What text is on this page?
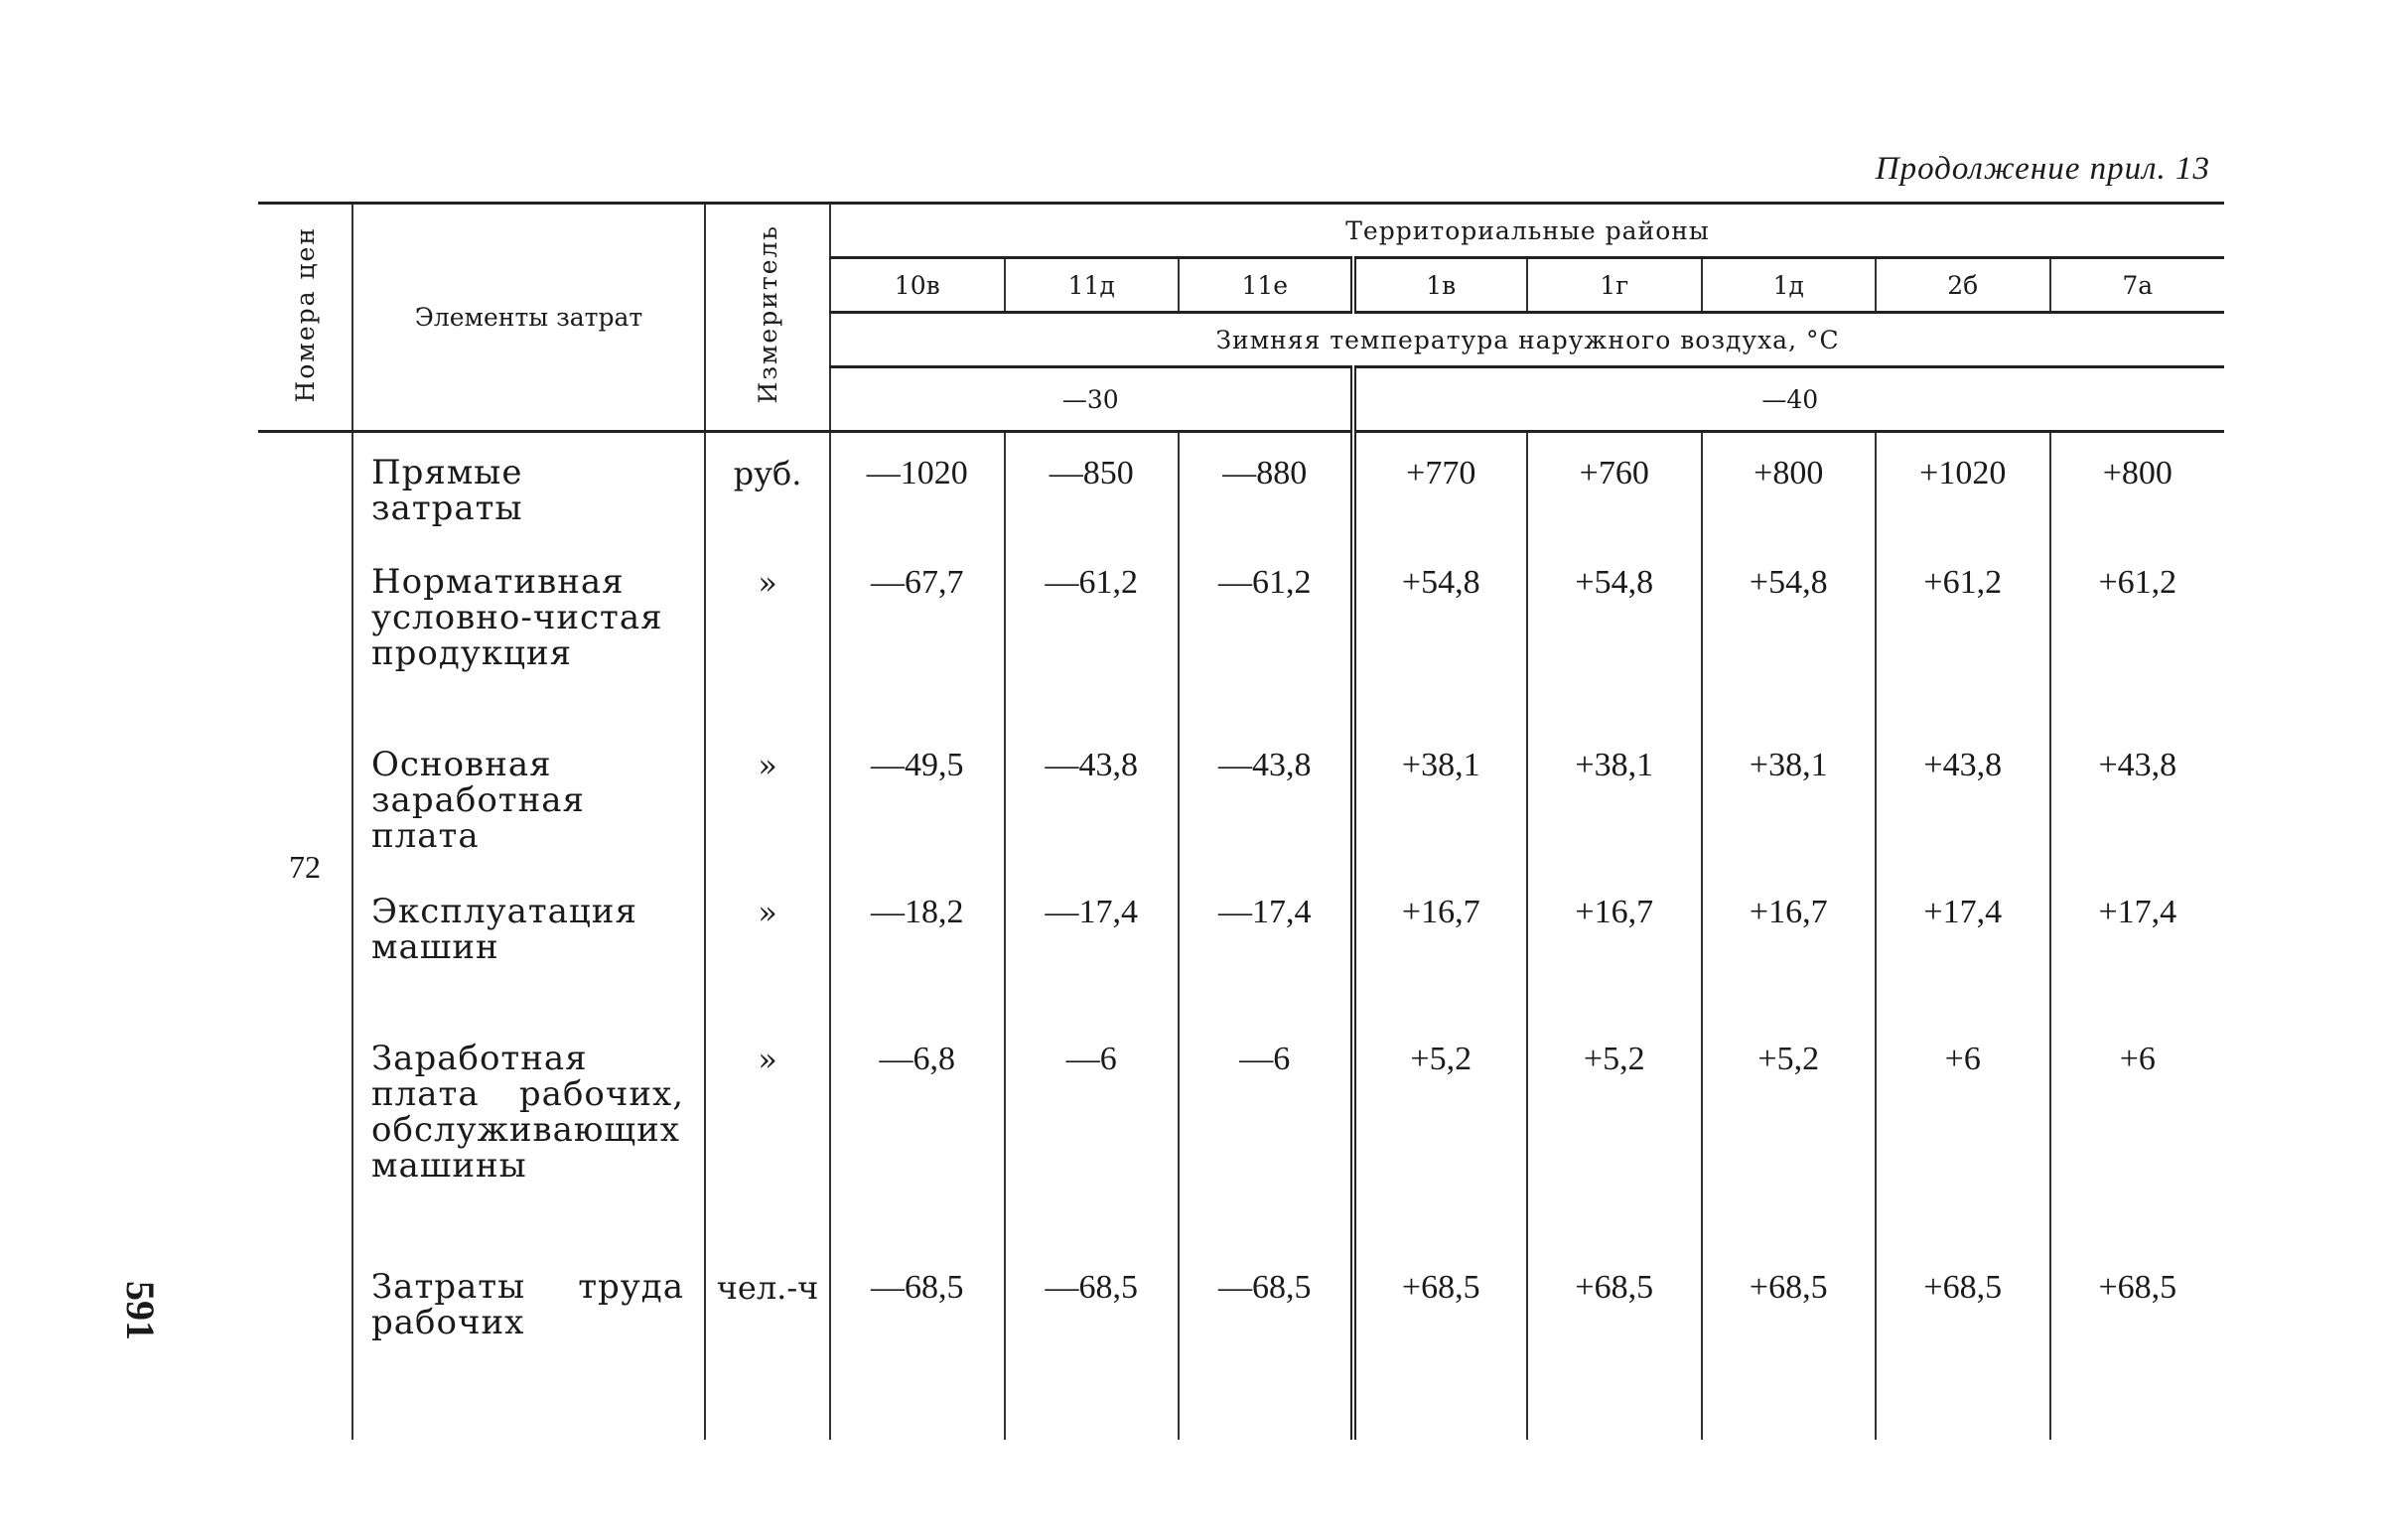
Продолжение прил. 13
Номера цен	Элементы затрат	Измеритель	Территориальные районы							
			10в	11д	11е	1в	1г	1д	2б	7а
			Зимняя температура наружного воздуха, °С							
			—30			—40				
72	Прямые затраты	руб.	—1020	—850	—880	+770	+760	+800	+1020	+800
	Нормативная условно-чистая продукция	»	—67,7	—61,2	—61,2	+54,8	+54,8	+54,8	+61,2	+61,2
	Основная заработная плата	»	—49,5	—43,8	—43,8	+38,1	+38,1	+38,1	+43,8	+43,8
	Эксплуатация машин	»	—18,2	—17,4	—17,4	+16,7	+16,7	+16,7	+17,4	+17,4
	Заработная плата рабочих, обслуживающих машины	»	—6,8	—6	—6	+5,2	+5,2	+5,2	+6	+6
	Затраты труда рабочих	чел.-ч	—68,5	—68,5	—68,5	+68,5	+68,5	+68,5	+68,5	+68,5
591
